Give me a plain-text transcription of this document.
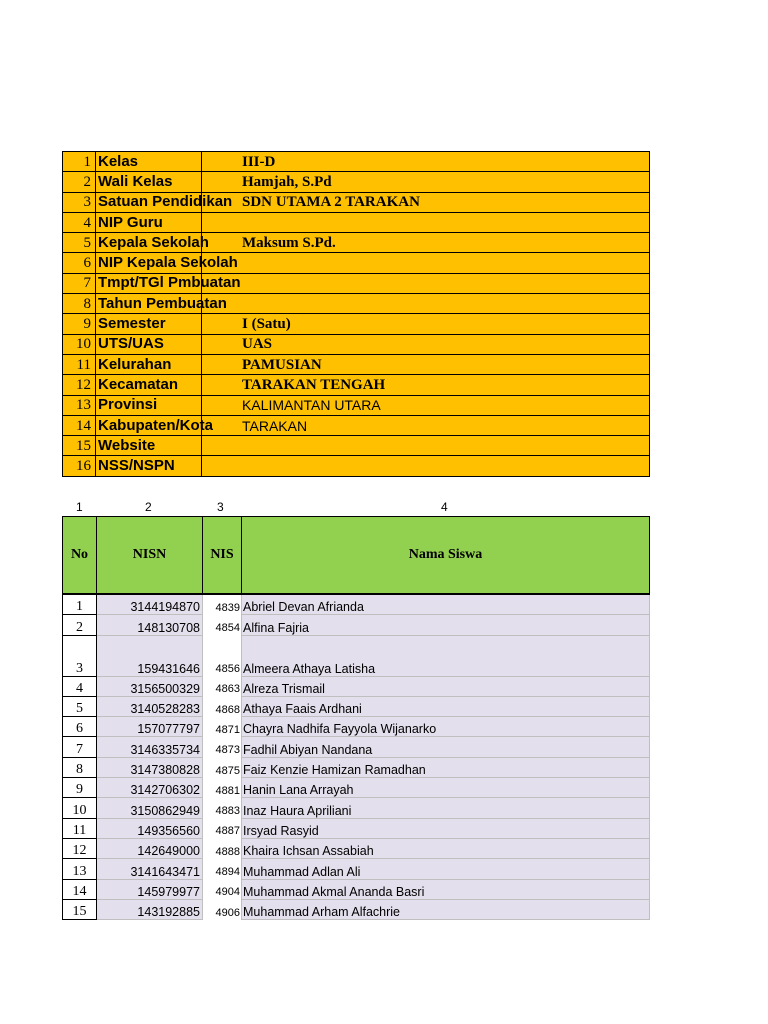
1	Kelas	III-D
2	Wali Kelas	Hamjah, S.Pd
3	Satuan Pendidikan	SDN UTAMA 2 TARAKAN
4	NIP Guru	
5	Kepala Sekolah	Maksum S.Pd.
6	NIP Kepala Sekolah	
7	Tmpt/TGl Pmbuatan	
8	Tahun Pembuatan	
9	Semester	I (Satu)
10	UTS/UAS	UAS
11	Kelurahan	PAMUSIAN
12	Kecamatan	TARAKAN TENGAH
13	Provinsi	KALIMANTAN UTARA
14	Kabupaten/Kota	TARAKAN
15	Website	
16	NSS/NSPN	
1	2	3	4
No	NISN	NIS	Nama Siswa
1	3144194870	4839	Abriel Devan Afrianda
2	148130708	4854	Alfina Fajria
3	159431646	4856	Almeera Athaya Latisha
4	3156500329	4863	Alreza Trismail
5	3140528283	4868	Athaya Faais Ardhani
6	157077797	4871	Chayra Nadhifa Fayyola Wijanarko
7	3146335734	4873	Fadhil Abiyan Nandana
8	3147380828	4875	Faiz Kenzie Hamizan Ramadhan
9	3142706302	4881	Hanin Lana Arrayah
10	3150862949	4883	Inaz Haura Apriliani
11	149356560	4887	Irsyad Rasyid
12	142649000	4888	Khaira Ichsan Assabiah
13	3141643471	4894	Muhammad Adlan Ali
14	145979977	4904	Muhammad Akmal Ananda Basri
15	143192885	4906	Muhammad Arham Alfachrie
